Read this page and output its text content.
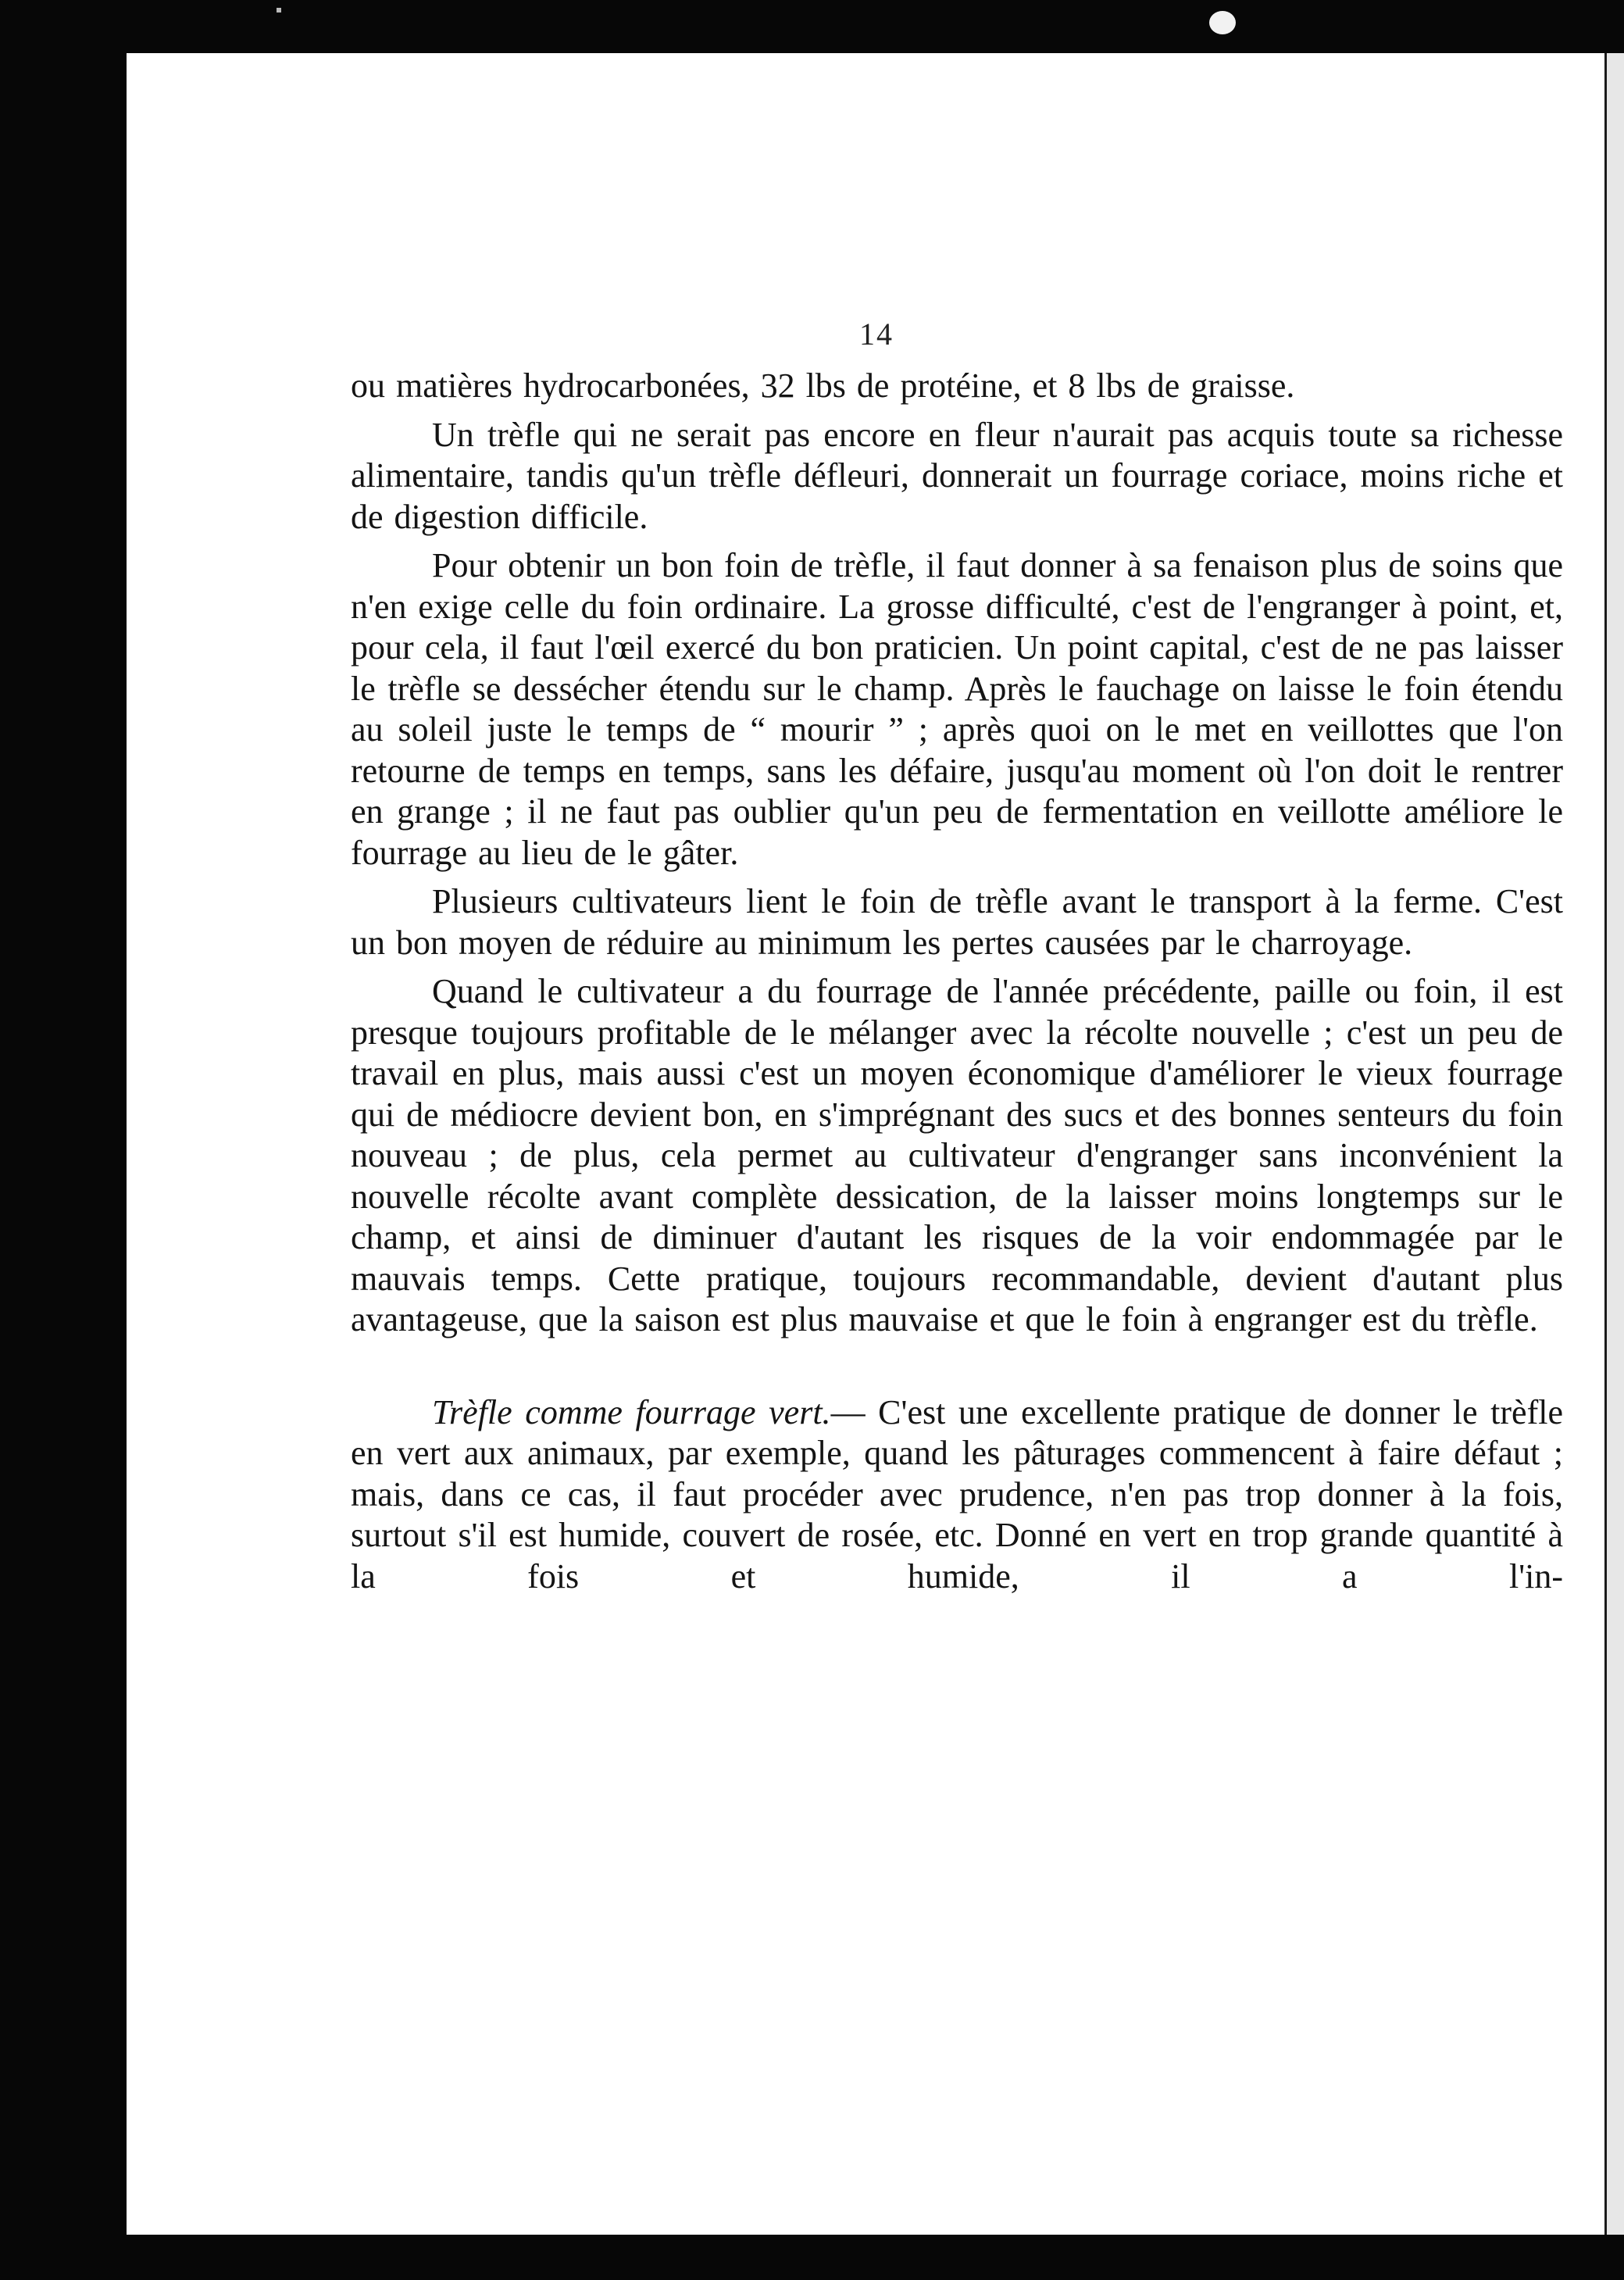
14

ou matières hydrocarbonées, 32 lbs de protéine, et 8 lbs de graisse.

Un trèfle qui ne serait pas encore en fleur n'aurait pas acquis toute sa richesse alimentaire, tandis qu'un trèfle défleuri, donnerait un fourrage coriace, moins riche et de digestion difficile.

Pour obtenir un bon foin de trèfle, il faut donner à sa fenaison plus de soins que n'en exige celle du foin ordinaire. La grosse difficulté, c'est de l'engranger à point, et, pour cela, il faut l'œil exercé du bon praticien. Un point capital, c'est de ne pas laisser le trèfle se dessécher étendu sur le champ. Après le fauchage on laisse le foin étendu au soleil juste le temps de “ mourir ” ; après quoi on le met en veillottes que l'on retourne de temps en temps, sans les défaire, jusqu'au moment où l'on doit le rentrer en grange ; il ne faut pas oublier qu'un peu de fermentation en veillotte améliore le fourrage au lieu de le gâter.

Plusieurs cultivateurs lient le foin de trèfle avant le transport à la ferme. C'est un bon moyen de réduire au minimum les pertes causées par le charroyage.

Quand le cultivateur a du fourrage de l'année précédente, paille ou foin, il est presque toujours profitable de le mélanger avec la récolte nouvelle ; c'est un peu de travail en plus, mais aussi c'est un moyen économique d'améliorer le vieux fourrage qui de médiocre devient bon, en s'imprégnant des sucs et des bonnes senteurs du foin nouveau ; de plus, cela permet au cultivateur d'engranger sans inconvénient la nouvelle récolte avant complète dessication, de la laisser moins longtemps sur le champ, et ainsi de diminuer d'autant les risques de la voir endommagée par le mauvais temps. Cette pratique, toujours recommandable, devient d'autant plus avantageuse, que la saison est plus mauvaise et que le foin à engranger est du trèfle.

Trèfle comme fourrage vert.— C'est une excellente pratique de donner le trèfle en vert aux animaux, par exemple, quand les pâturages commencent à faire défaut ; mais, dans ce cas, il faut procéder avec prudence, n'en pas trop donner à la fois, surtout s'il est humide, couvert de rosée, etc. Donné en vert en trop grande quantité à la fois et humide, il a l'in-
